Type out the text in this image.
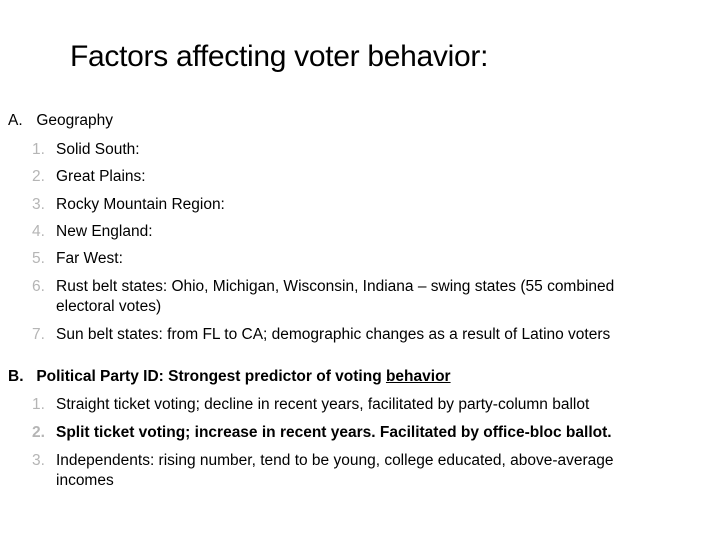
Factors affecting voter behavior:
A. Geography
1. Solid South:
2. Great Plains:
3. Rocky Mountain Region:
4. New England:
5. Far West:
6. Rust belt states: Ohio, Michigan, Wisconsin, Indiana – swing states (55 combined electoral votes)
7. Sun belt states: from FL to CA; demographic changes as a result of Latino voters
B. Political Party ID: Strongest predictor of voting behavior
1. Straight ticket voting; decline in recent years, facilitated by party-column ballot
2. Split ticket voting; increase in recent years. Facilitated by office-bloc ballot.
3. Independents: rising number, tend to be young, college educated, above-average incomes
